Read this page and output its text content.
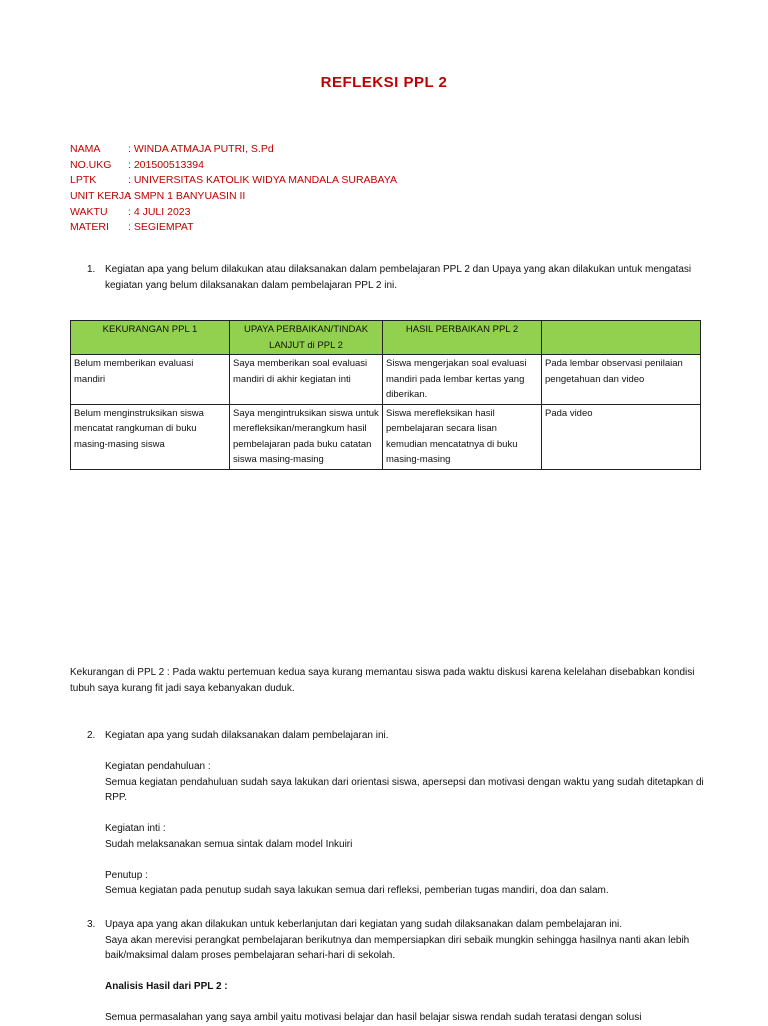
REFLEKSI PPL 2
NAMA	: WINDA ATMAJA PUTRI, S.Pd
NO.UKG	: 201500513394
LPTK	: UNIVERSITAS KATOLIK WIDYA MANDALA SURABAYA
UNIT KERJA
: SMPN 1 BANYUASIN II
WAKTU	: 4 JULI 2023
MATERI	: SEGIEMPAT
1. Kegiatan apa yang belum dilakukan atau dilaksanakan dalam pembelajaran PPL 2 dan Upaya yang akan dilakukan untuk mengatasi kegiatan yang belum dilaksanakan dalam pembelajaran PPL 2 ini.
KEKURANGAN PPL 1	UPAYA PERBAIKAN/TINDAK LANJUT di PPL 2	HASIL PERBAIKAN PPL 2	
Belum memberikan evaluasi mandiri	Saya memberikan soal evaluasi mandiri di akhir kegiatan inti	Siswa mengerjakan soal evaluasi mandiri pada lembar kertas yang diberikan.	Pada lembar observasi penilaian pengetahuan dan video
Belum menginstruksikan siswa mencatat rangkuman di buku masing-masing siswa	Saya mengintruksikan siswa untuk merefleksikan/merangkum hasil pembelajaran pada buku catatan siswa masing-masing	Siswa merefleksikan hasil pembelajaran secara lisan kemudian mencatatnya di buku masing-masing	Pada video
Kekurangan di PPL 2 : Pada waktu pertemuan kedua saya kurang memantau siswa pada waktu diskusi karena kelelahan disebabkan kondisi tubuh saya kurang fit jadi saya kebanyakan duduk.
2. Kegiatan apa yang sudah dilaksanakan dalam pembelajaran ini.
Kegiatan pendahuluan :
Semua kegiatan pendahuluan sudah saya lakukan dari orientasi siswa, apersepsi dan motivasi dengan waktu yang sudah ditetapkan di RPP.
Kegiatan inti :
Sudah melaksanakan semua sintak dalam model Inkuiri
Penutup :
Semua kegiatan pada penutup sudah saya lakukan semua dari refleksi, pemberian tugas mandiri, doa dan salam.
3. Upaya apa yang akan dilakukan untuk keberlanjutan dari kegiatan yang sudah dilaksanakan dalam pembelajaran ini.
Saya akan merevisi perangkat pembelajaran berikutnya dan mempersiapkan diri sebaik mungkin sehingga hasilnya nanti akan lebih baik/maksimal dalam proses pembelajaran sehari-hari di sekolah.
Analisis Hasil dari PPL 2 :
Semua permasalahan yang saya ambil yaitu motivasi belajar dan hasil belajar siswa rendah sudah teratasi dengan solusi
